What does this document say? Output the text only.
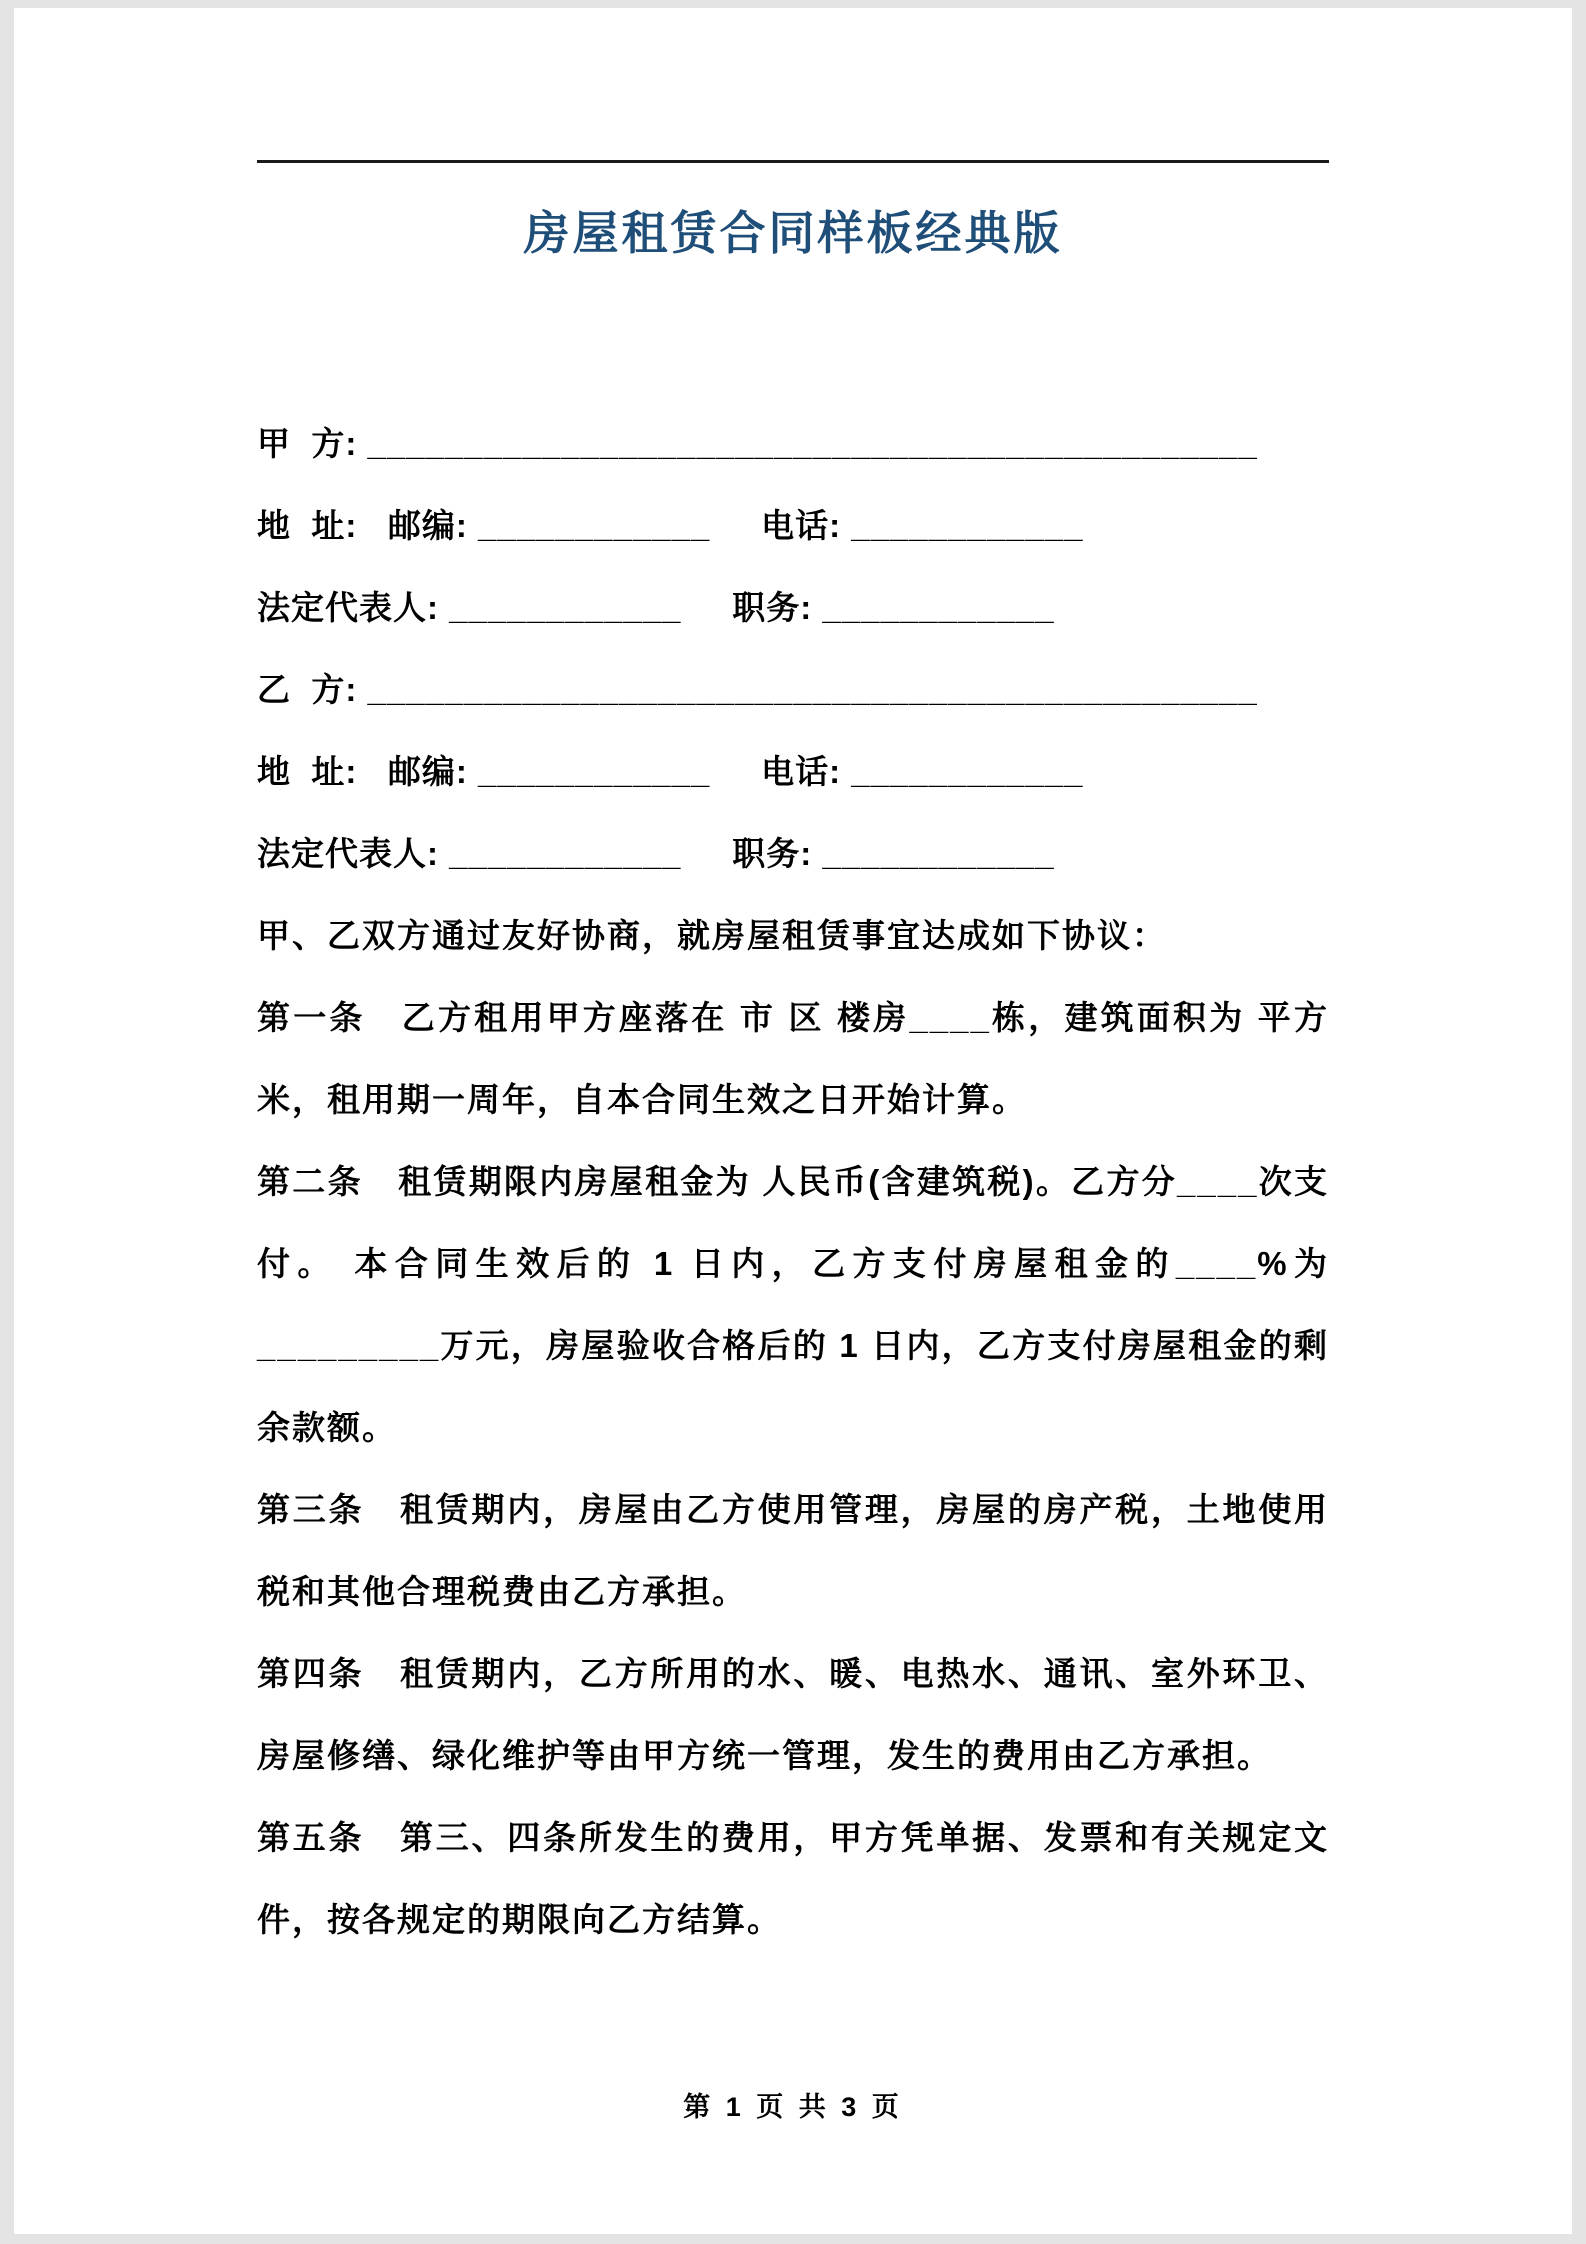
房屋租赁合同样板经典版

甲  方: ______________________________________________

地  址:   邮编: ____________     电话: ____________

法定代表人: ____________     职务: ____________

乙  方: ______________________________________________

地  址:   邮编: ____________     电话: ____________

法定代表人: ____________     职务: ____________

甲、乙双方通过友好协商，就房屋租赁事宜达成如下协议：

第一条　乙方租用甲方座落在 市 区 楼房____栋，建筑面积为 平方米，租用期一周年，自本合同生效之日开始计算。

第二条　租赁期限内房屋租金为 人民币(含建筑税)。乙方分____次支付。 本合同生效后的 1 日内，乙方支付房屋租金的____%为_________万元，房屋验收合格后的 1 日内，乙方支付房屋租金的剩余款额。

第三条　租赁期内，房屋由乙方使用管理，房屋的房产税，土地使用税和其他合理税费由乙方承担。

第四条　租赁期内，乙方所用的水、暖、电热水、通讯、室外环卫、房屋修缮、绿化维护等由甲方统一管理，发生的费用由乙方承担。

第五条　第三、四条所发生的费用，甲方凭单据、发票和有关规定文件，按各规定的期限向乙方结算。

第 1 页 共 3 页
